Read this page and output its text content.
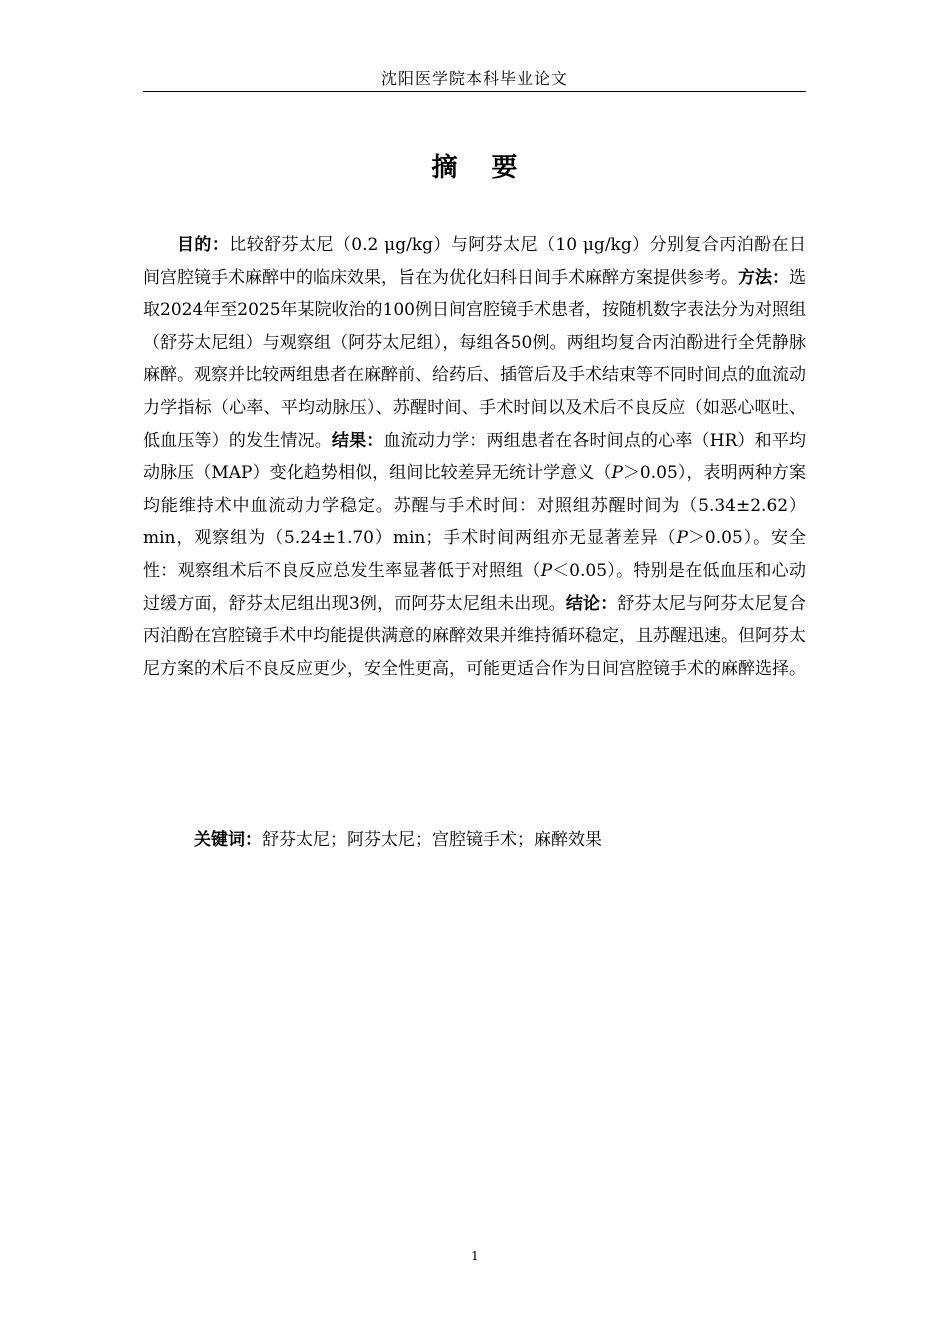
沈阳医学院本科毕业论文
摘 要

目的：比较舒芬太尼（0.2 μg/kg）与阿芬太尼（10 μg/kg）分别复合丙泊酚在日间宫腔镜手术麻醉中的临床效果，旨在为优化妇科日间手术麻醉方案提供参考。方法：选取2024年至2025年某院收治的100例日间宫腔镜手术患者，按随机数字表法分为对照组（舒芬太尼组）与观察组（阿芬太尼组），每组各50例。两组均复合丙泊酚进行全凭静脉麻醉。观察并比较两组患者在麻醉前、给药后、插管后及手术结束等不同时间点的血流动力学指标（心率、平均动脉压）、苏醒时间、手术时间以及术后不良反应（如恶心呕吐、低血压等）的发生情况。结果：血流动力学：两组患者在各时间点的心率（HR）和平均动脉压（MAP）变化趋势相似，组间比较差异无统计学意义（P＞0.05），表明两种方案均能维持术中血流动力学稳定。苏醒与手术时间：对照组苏醒时间为（5.34±2.62）min，观察组为（5.24±1.70）min；手术时间两组亦无显著差异（P＞0.05）。安全性：观察组术后不良反应总发生率显著低于对照组（P＜0.05）。特别是在低血压和心动过缓方面，舒芬太尼组出现3例，而阿芬太尼组未出现。结论：舒芬太尼与阿芬太尼复合丙泊酚在宫腔镜手术中均能提供满意的麻醉效果并维持循环稳定，且苏醒迅速。但阿芬太尼方案的术后不良反应更少，安全性更高，可能更适合作为日间宫腔镜手术的麻醉选择。

关键词：舒芬太尼；阿芬太尼；宫腔镜手术；麻醉效果

1
